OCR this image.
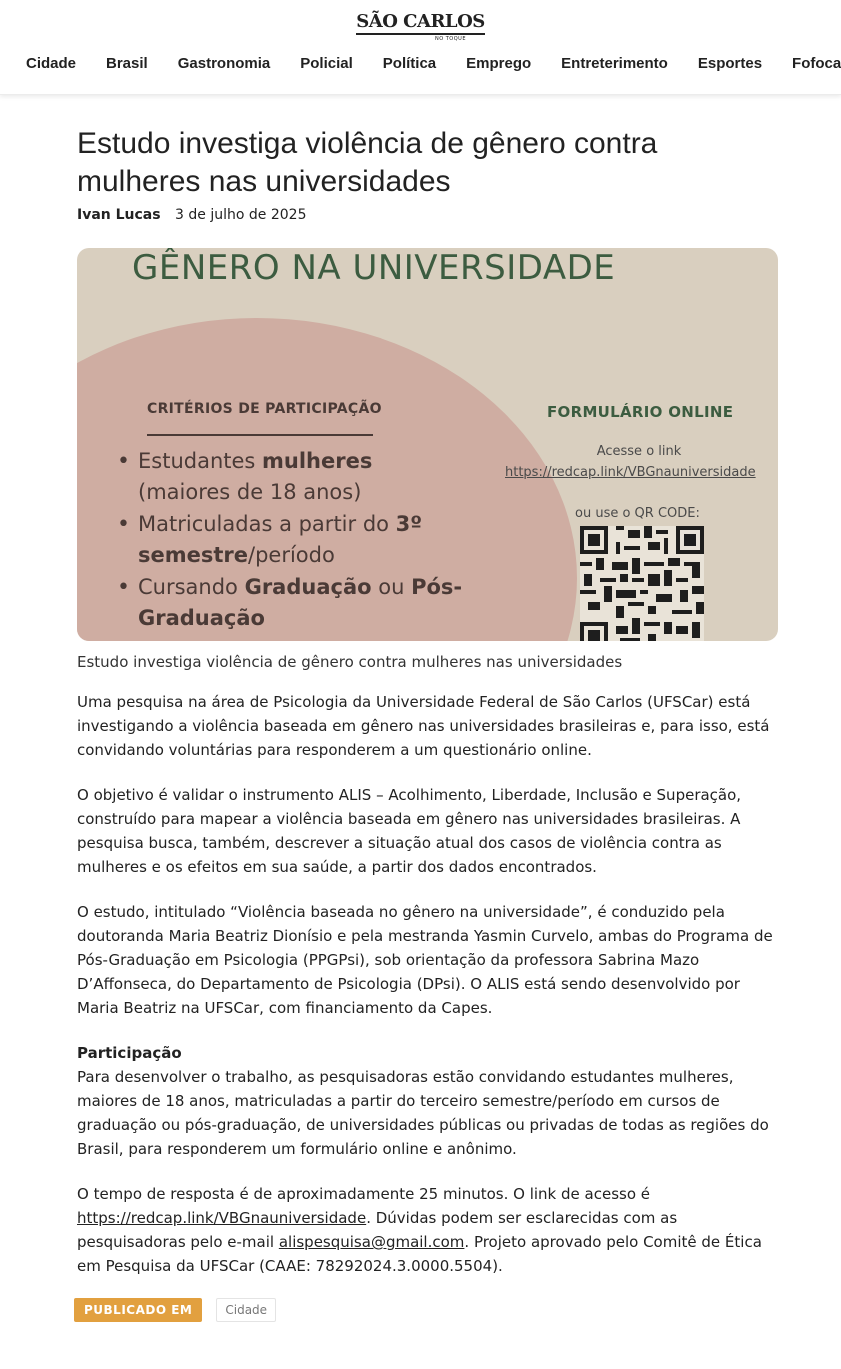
SÃO CARLOS
NO TOQUE
Cidade Brasil Gastronomia Policial Política Emprego Entreterimento Esportes Fofoca
Estudo investiga violência de gênero contra mulheres nas universidades
Ivan Lucas 3 de julho de 2025
GÊNERO NA UNIVERSIDADE
CRITÉRIOS DE PARTICIPAÇÃO
• Estudantes mulheres
(maiores de 18 anos)
• Matriculadas a partir do 3º
semestre/período
• Cursando Graduação ou Pós-Graduação
FORMULÁRIO ONLINE
Acesse o link
https://redcap.link/VBGnauniversidade
ou use o QR CODE:
Estudo investiga violência de gênero contra mulheres nas universidades

Uma pesquisa na área de Psicologia da Universidade Federal de São Carlos (UFSCar) está investigando a violência baseada em gênero nas universidades brasileiras e, para isso, está convidando voluntárias para responderem a um questionário online.

O objetivo é validar o instrumento ALIS – Acolhimento, Liberdade, Inclusão e Superação, construído para mapear a violência baseada em gênero nas universidades brasileiras. A pesquisa busca, também, descrever a situação atual dos casos de violência contra as mulheres e os efeitos em sua saúde, a partir dos dados encontrados.

O estudo, intitulado “Violência baseada no gênero na universidade”, é conduzido pela doutoranda Maria Beatriz Dionísio e pela mestranda Yasmin Curvelo, ambas do Programa de Pós-Graduação em Psicologia (PPGPsi), sob orientação da professora Sabrina Mazo D’Affonseca, do Departamento de Psicologia (DPsi). O ALIS está sendo desenvolvido por Maria Beatriz na UFSCar, com financiamento da Capes.

Participação
Para desenvolver o trabalho, as pesquisadoras estão convidando estudantes mulheres, maiores de 18 anos, matriculadas a partir do terceiro semestre/período em cursos de graduação ou pós-graduação, de universidades públicas ou privadas de todas as regiões do Brasil, para responderem um formulário online e anônimo.

O tempo de resposta é de aproximadamente 25 minutos. O link de acesso é https://redcap.link/VBGnauniversidade. Dúvidas podem ser esclarecidas com as pesquisadoras pelo e-mail alispesquisa@gmail.com. Projeto aprovado pelo Comitê de Ética em Pesquisa da UFSCar (CAAE: 78292024.3.0000.5504).

PUBLICADO EM	Cidade
